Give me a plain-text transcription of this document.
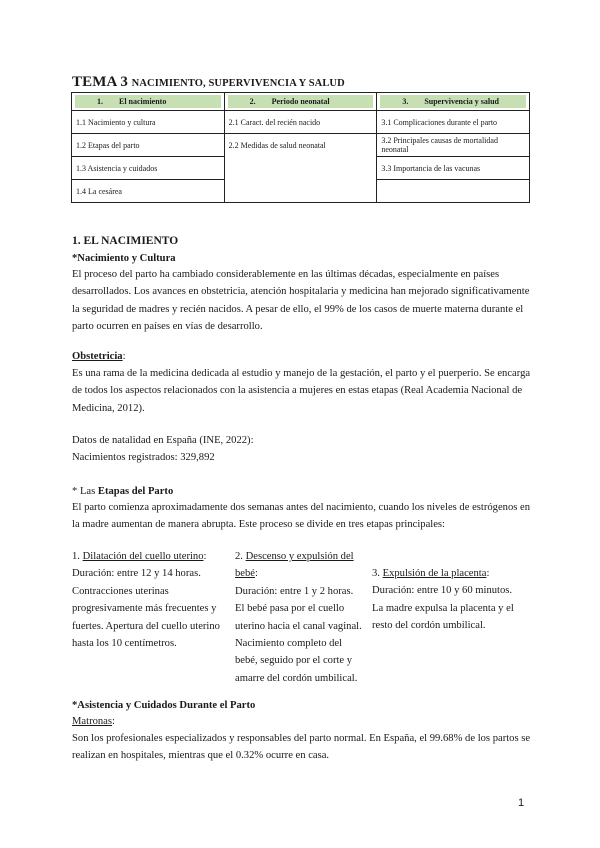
TEMA 3 NACIMIENTO, SUPERVIVENCIA Y SALUD
1. El nacimiento	2. Periodo neonatal	3. Supervivencia y salud

1.1 Nacimiento y cultura	2.1 Caract. del recién nacido	3.1 Complicaciones durante el parto
1.2 Etapas del parto	2.2 Medidas de salud neonatal	3.2 Principales causas de mortalidad neonatal
1.3 Asistencia y cuidados		3.3 Importancia de las vacunas
1.4 La cesárea		
1. EL NACIMIENTO
*Nacimiento y Cultura
El proceso del parto ha cambiado considerablemente en las últimas décadas, especialmente en países desarrollados. Los avances en obstetricia, atención hospitalaria y medicina han mejorado significativamente la seguridad de madres y recién nacidos. A pesar de ello, el 99% de los casos de muerte materna durante el parto ocurren en países en vías de desarrollo.
Obstetricia:
Es una rama de la medicina dedicada al estudio y manejo de la gestación, el parto y el puerperio. Se encarga de todos los aspectos relacionados con la asistencia a mujeres en estas etapas (Real Academia Nacional de Medicina, 2012).
Datos de natalidad en España (INE, 2022):
Nacimientos registrados: 329,892
* Las Etapas del Parto
El parto comienza aproximadamente dos semanas antes del nacimiento, cuando los niveles de estrógenos en la madre aumentan de manera abrupta. Este proceso se divide en tres etapas principales:
1. Dilatación del cuello uterino:
Duración: entre 12 y 14 horas.
Contracciones uterinas progresivamente más frecuentes y fuertes. Apertura del cuello uterino hasta los 10 centímetros.
2. Descenso y expulsión del bebé:
Duración: entre 1 y 2 horas.
El bebé pasa por el cuello uterino hacia el canal vaginal. Nacimiento completo del bebé, seguido por el corte y amarre del cordón umbilical.
3. Expulsión de la placenta:
Duración: entre 10 y 60 minutos.
La madre expulsa la placenta y el resto del cordón umbilical.
*Asistencia y Cuidados Durante el Parto
Matronas:
Son los profesionales especializados y responsables del parto normal. En España, el 99.68% de los partos se realizan en hospitales, mientras que el 0.32% ocurre en casa.
1
